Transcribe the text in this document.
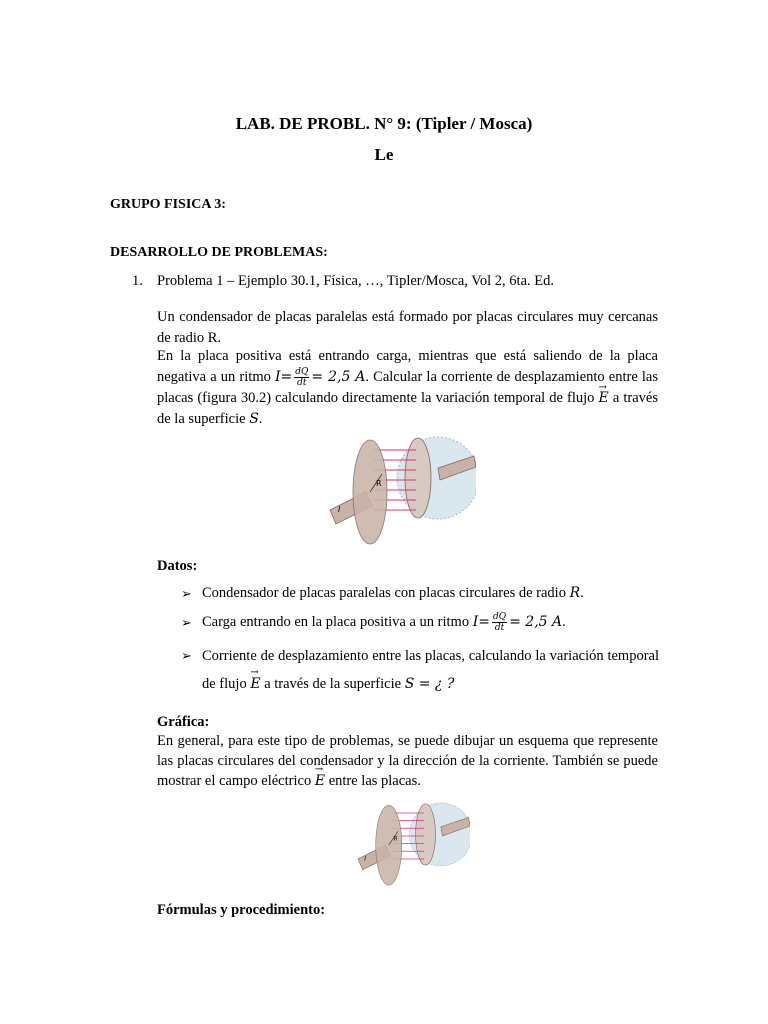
LAB. DE PROBL. N° 9: (Tipler / Mosca)
Le
GRUPO FISICA 3:
DESARROLLO DE PROBLEMAS:
1. Problema 1 – Ejemplo 30.1, Física, …, Tipler/Mosca, Vol 2, 6ta. Ed.
Un condensador de placas paralelas está formado por placas circulares muy cercanas de radio R.
En la placa positiva está entrando carga, mientras que está saliendo de la placa negativa a un ritmo $I= \frac{dQ}{dt} = 2,5$ A. Calcular la corriente de desplazamiento entre las placas (figura 30.2) calculando directamente la variación temporal de flujo → E a través de la superficie S.
R
I
Datos:
➢ Condensador de placas paralelas con placas circulares de radio R.
➢ Carga entrando en la placa positiva a un ritmo $I= \frac{dQ}{dt} = 2,5$ A.
➢ Corriente de desplazamiento entre las placas, calculando la variación temporal de flujo → E a través de la superficie S = ¿ ?
Gráfica:
En general, para este tipo de problemas, se puede dibujar un esquema que represente las placas circulares del condensador y la dirección de la corriente. También se puede mostrar el campo eléctrico → E entre las placas.
R
I
Fórmulas y procedimiento:
